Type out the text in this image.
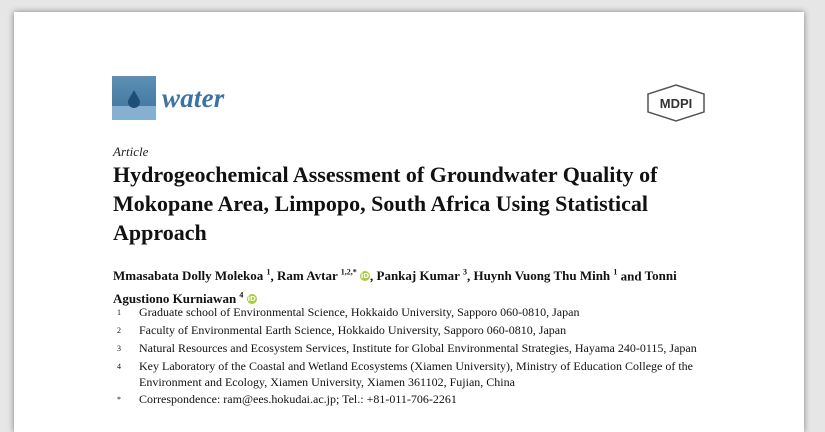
water	MDPI
Article
Hydrogeochemical Assessment of Groundwater Quality of Mokopane Area, Limpopo, South Africa Using Statistical Approach
Mmasabata Dolly Molekoa $^1$, Ram Avtar $^{1,2,*}$ iD, Pankaj Kumar $^3$, Huynh Vuong Thu Minh $^1$ and Tonni Agustiono Kurniawan $^4$ iD
1	Graduate school of Environmental Science, Hokkaido University, Sapporo 060-0810, Japan
2	Faculty of Environmental Earth Science, Hokkaido University, Sapporo 060-0810, Japan
3	Natural Resources and Ecosystem Services, Institute for Global Environmental Strategies, Hayama 240-0115, Japan
4	Key Laboratory of the Coastal and Wetland Ecosystems (Xiamen University), Ministry of Education College of the Environment and Ecology, Xiamen University, Xiamen 361102, Fujian, China
*	Correspondence: ram@ees.hokudai.ac.jp; Tel.: +81-011-706-2261
